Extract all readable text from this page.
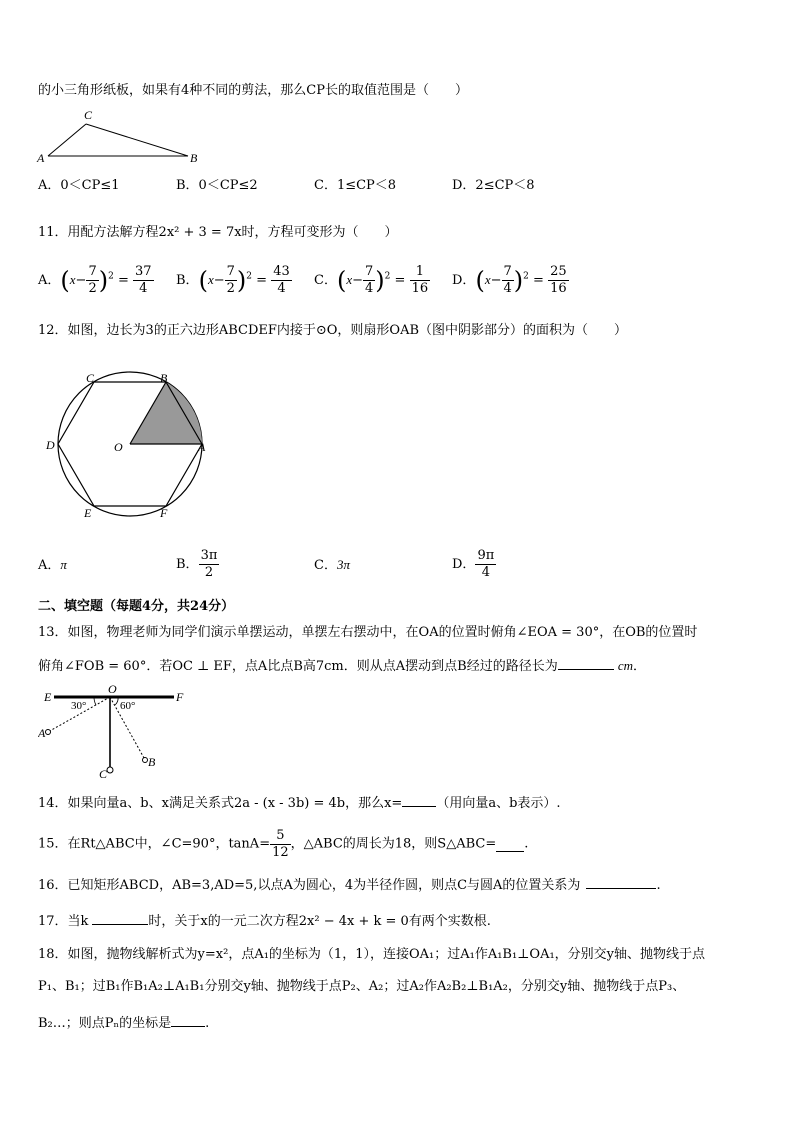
的小三角形纸板，如果有4种不同的剪法，那么CP长的取值范围是（　　）
C
A	B
A．0＜CP≤1	B．0＜CP≤2	C．1≤CP＜8	D．2≤CP＜8
11．用配方法解方程2x² + 3 = 7x时，方程可变形为（　　）
A．$(x- \frac{7}{2} )^2 = \frac{37}{4}$ B．$(x- \frac{7}{2} )^2 = \frac{43}{4}$ C．$(x- \frac{7}{4} )^2 = \frac{1}{16}$ D．$(x- \frac{7}{4} )^2 = \frac{25}{16}$
12．如图，边长为3的正六边形ABCDEF内接于⊙O，则扇形OAB（图中阴影部分）的面积为（　　）
C	B
D	O	A
E	F
A．π	B． $\frac{3\pi}{2}$	C．3π	D． $\frac{9\pi}{4}$
二、填空题（每题4分，共24分）
13．如图，物理老师为同学们演示单摆运动，单摆左右摆动中，在OA的位置时俯角∠EOA = 30°，在OB的位置时
俯角∠FOB = 60°．若OC ⊥ EF，点A比点B高7cm．则从点A摆动到点B经过的路径长为	cm．
E
O
F
A
B
C
30°	60°
14．如果向量a、b、x满足关系式2a - (x - 3b) = 4b，那么x=	（用向量a、b表示）.
15．在Rt△ABC中，∠C=90°，$\tan A= \frac{5}{12}$ ，△ABC的周长为18，则S△ABC= .
16．已知矩形ABCD，AB=3,AD=5,以点A为圆心，4为半径作圆，则点C与圆A的位置关系为	.
17．当k	时，关于x的一元二次方程2x² − 4x + k = 0有两个实数根.
18．如图，抛物线解析式为y=x²，点A₁的坐标为（1，1），连接OA₁；过A₁作A₁B₁⊥OA₁，分别交y轴、抛物线于点
P₁、B₁；过B₁作B₁A₂⊥A₁B₁分别交y轴、抛物线于点P₂、A₂；过A₂作A₂B₂⊥B₁A₂，分别交y轴、抛物线于点P₃、
B₂…；则点Pₙ的坐标是	.
